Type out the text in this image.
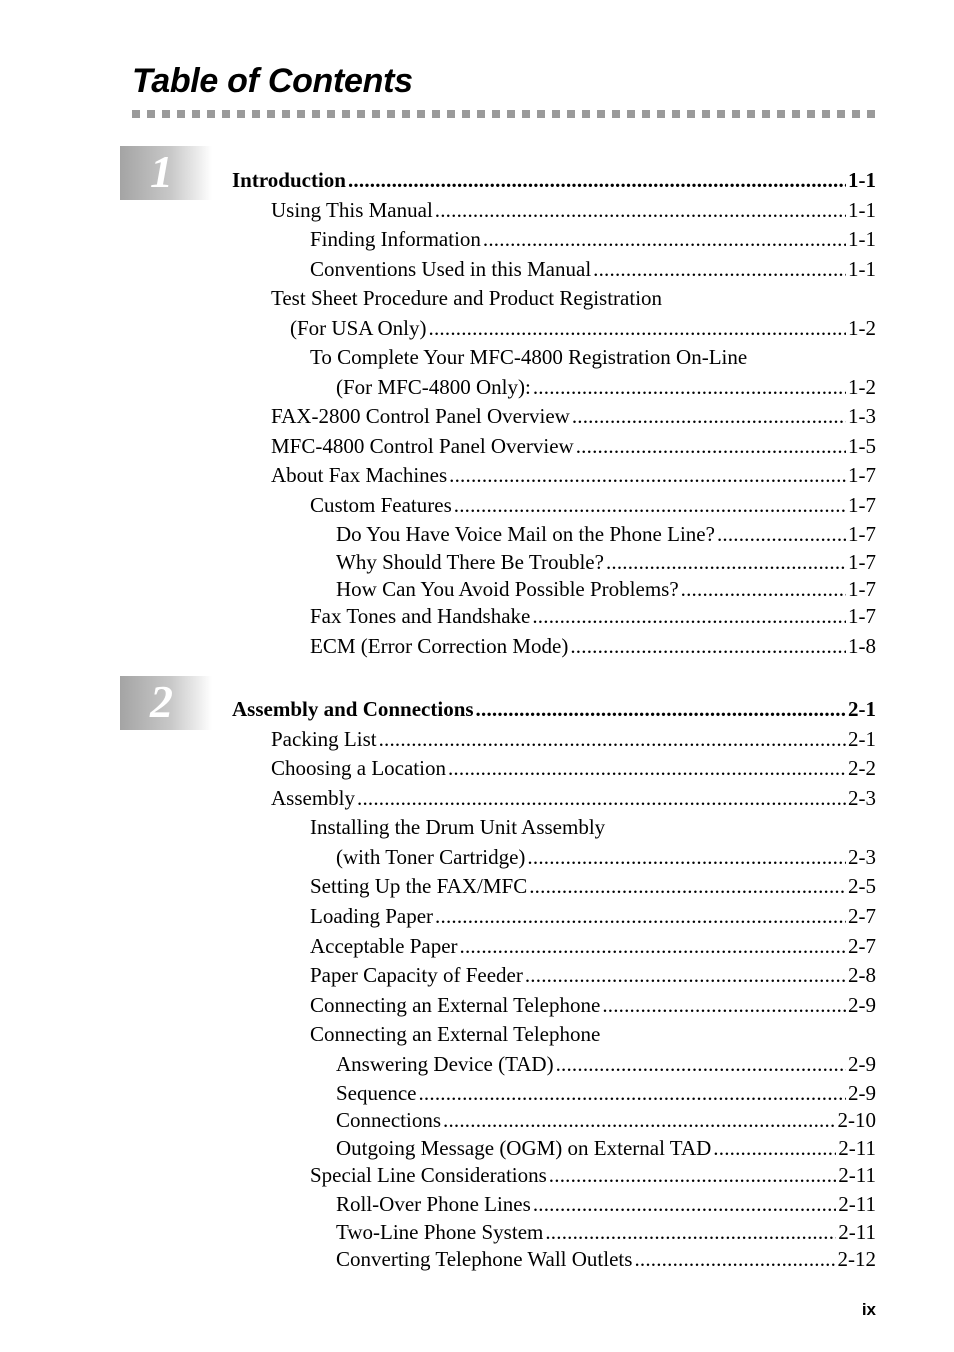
Table of Contents
1	Introduction .....	1-1
Using This Manual .....	1-1
Finding Information .....	1-1
Conventions Used in this Manual .....	1-1
Test Sheet Procedure and Product Registration
(For USA Only) .....	1-2
To Complete Your MFC-4800 Registration On-Line
(For MFC-4800 Only): .....	1-2
FAX-2800 Control Panel Overview .....	1-3
MFC-4800 Control Panel Overview .....	1-5
About Fax Machines .....	1-7
Custom Features .....	1-7
Do You Have Voice Mail on the Phone Line? .....	1-7
Why Should There Be Trouble? .....	1-7
How Can You Avoid Possible Problems? .....	1-7
Fax Tones and Handshake .....	1-7
ECM (Error Correction Mode) .....	1-8
2	Assembly and Connections .....	2-1
Packing List .....	2-1
Choosing a Location .....	2-2
Assembly .....	2-3
Installing the Drum Unit Assembly
(with Toner Cartridge) .....	2-3
Setting Up the FAX/MFC .....	2-5
Loading Paper .....	2-7
Acceptable Paper .....	2-7
Paper Capacity of Feeder .....	2-8
Connecting an External Telephone .....	2-9
Connecting an External Telephone
Answering Device (TAD) .....	2-9
Sequence .....	2-9
Connections .....	2-10
Outgoing Message (OGM) on External TAD .....	2-11
Special Line Considerations .....	2-11
Roll-Over Phone Lines .....	2-11
Two-Line Phone System .....	2-11
Converting Telephone Wall Outlets .....	2-12
ix
